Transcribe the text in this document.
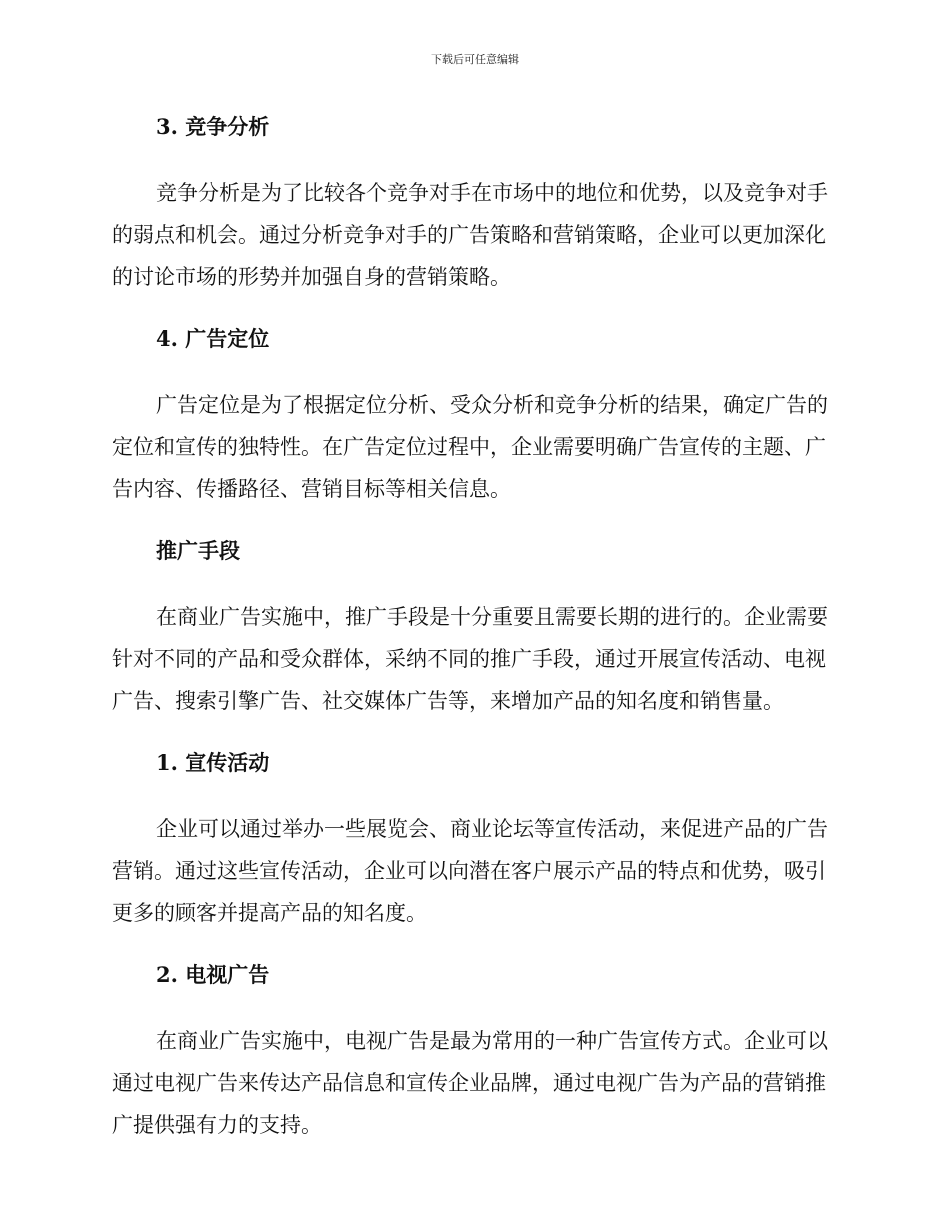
下载后可任意编辑
3. 竞争分析

竞争分析是为了比较各个竞争对手在市场中的地位和优势，以及竞争对手的弱点和机会。通过分析竞争对手的广告策略和营销策略，企业可以更加深化的讨论市场的形势并加强自身的营销策略。

4. 广告定位

广告定位是为了根据定位分析、受众分析和竞争分析的结果，确定广告的定位和宣传的独特性。在广告定位过程中，企业需要明确广告宣传的主题、广告内容、传播路径、营销目标等相关信息。

推广手段

在商业广告实施中，推广手段是十分重要且需要长期的进行的。企业需要针对不同的产品和受众群体，采纳不同的推广手段，通过开展宣传活动、电视广告、搜索引擎广告、社交媒体广告等，来增加产品的知名度和销售量。

1. 宣传活动

企业可以通过举办一些展览会、商业论坛等宣传活动，来促进产品的广告营销。通过这些宣传活动，企业可以向潜在客户展示产品的特点和优势，吸引更多的顾客并提高产品的知名度。

2. 电视广告

在商业广告实施中，电视广告是最为常用的一种广告宣传方式。企业可以通过电视广告来传达产品信息和宣传企业品牌，通过电视广告为产品的营销推广提供强有力的支持。
